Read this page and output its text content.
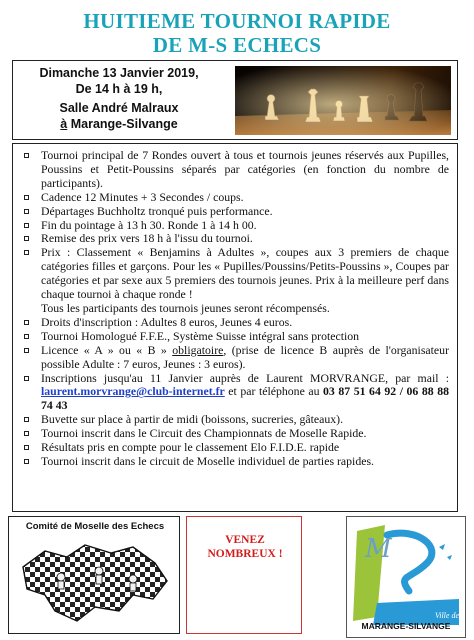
HUITIEME TOURNOI RAPIDE
DE M-S ECHECS
Dimanche 13 Janvier 2019,
De 14 h à 19 h,
Salle André Malraux
à Marange-Silvange
Tournoi principal de 7 Rondes ouvert à tous et tournois jeunes réservés aux Pupilles, Poussins et Petit-Poussins séparés par catégories (en fonction du nombre de participants).
Cadence 12 Minutes + 3 Secondes / coups.
Départages Buchholtz tronqué puis performance.
Fin du pointage à 13 h 30. Ronde 1 à 14 h 00.
Remise des prix vers 18 h à l'issu du tournoi.
Prix : Classement « Benjamins à Adultes », coupes aux 3 premiers de chaque catégories filles et garçons. Pour les « Pupilles/Poussins/Petits-Poussins », Coupes par catégories et par sexe aux 5 premiers des tournois jeunes. Prix à la meilleure perf dans chaque tournoi à chaque ronde !
Tous les participants des tournois jeunes seront récompensés.
Droits d'inscription : Adultes 8 euros, Jeunes 4 euros.
Tournoi Homologué F.F.E., Système Suisse intégral sans protection
Licence « A » ou « B » obligatoire, (prise de licence B auprès de l'organisateur possible Adulte : 7 euros, Jeunes : 3 euros).
Inscriptions jusqu'au 11 Janvier auprès de Laurent MORVRANGE, par mail : laurent.morvrange@club-internet.fr et par téléphone au 03 87 51 64 92 / 06 88 88 74 43
Buvette sur place à partir de midi (boissons, sucreries, gâteaux).
Tournoi inscrit dans le Circuit des Championnats de Moselle Rapide.
Résultats pris en compte pour le classement Elo F.I.D.E. rapide
Tournoi inscrit dans le circuit de Moselle individuel de parties rapides.
Comité de Moselle des Echecs
VENEZ
NOMBREUX !	M
Ville de
MARANGE-SILVANGE
